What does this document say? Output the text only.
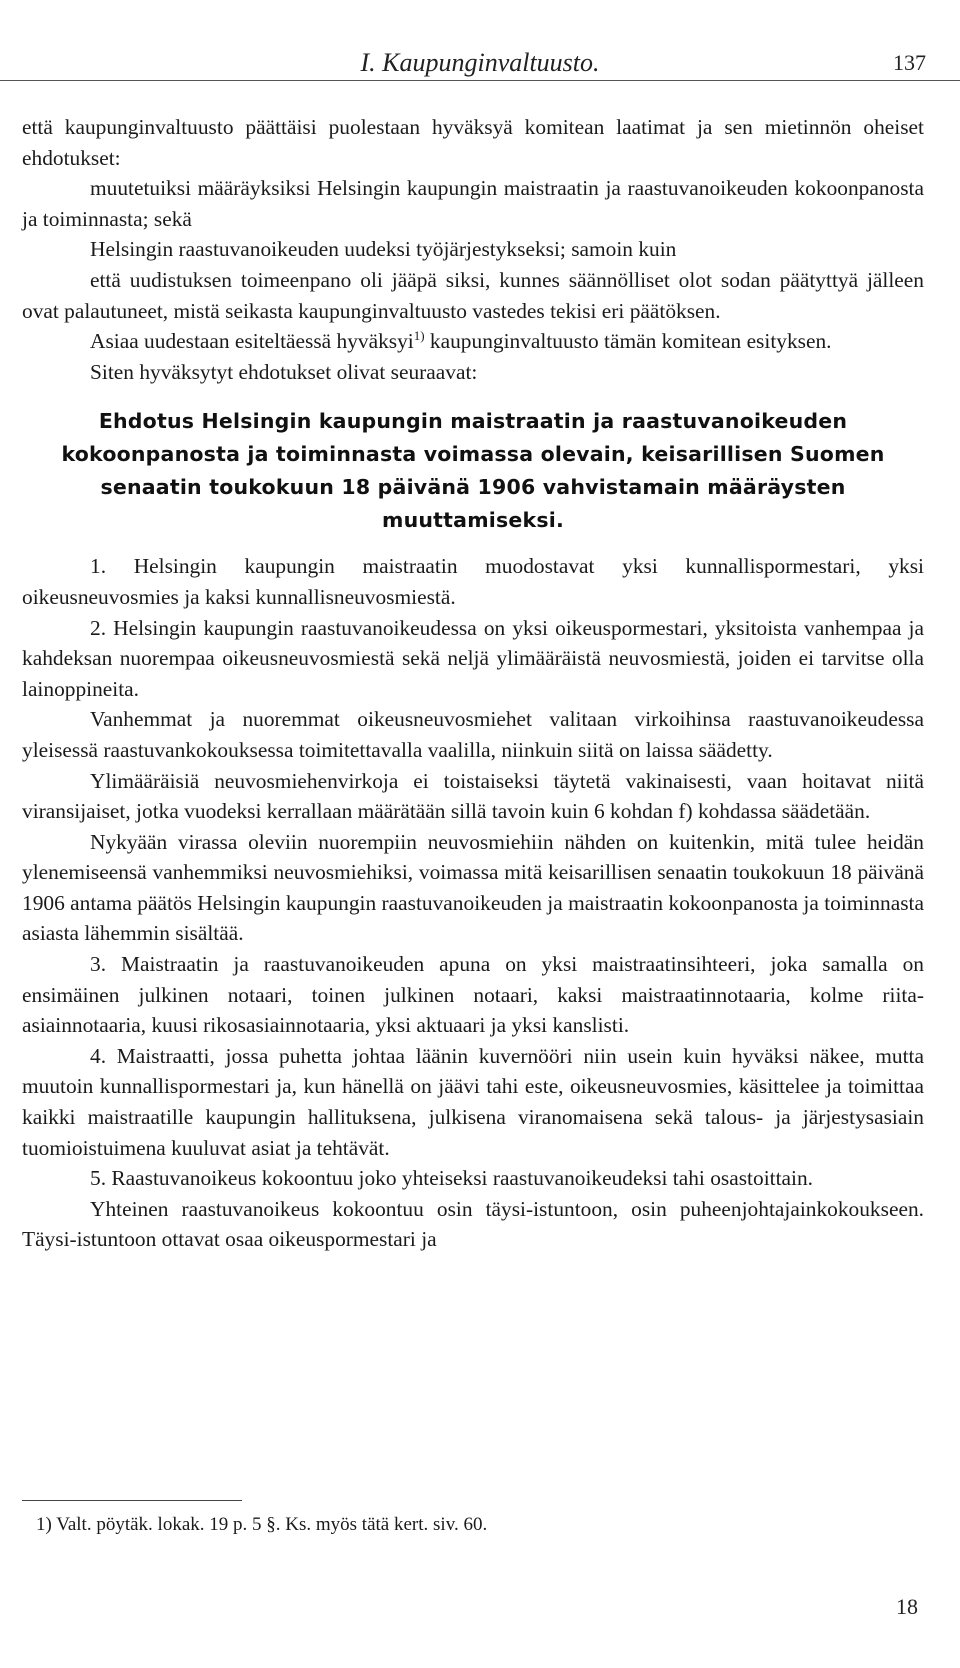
I. Kaupunginvaltuusto.	137

että kaupunginvaltuusto päättäisi puolestaan hyväksyä komitean laatimat ja sen mietinnön oheiset ehdotukset:

muutetuiksi määräyksiksi Helsingin kaupungin maistraatin ja raastuvanoikeuden kokoonpanosta ja toiminnasta; sekä

Helsingin raastuvanoikeuden uudeksi työjärjestykseksi; samoin kuin

että uudistuksen toimeenpano oli jääpä siksi, kunnes säännölliset olot sodan päätyttyä jälleen ovat palautuneet, mistä seikasta kaupunginvaltuusto vastedes tekisi eri päätöksen.

Asiaa uudestaan esiteltäessä hyväksyi$^{1)}$ kaupunginvaltuusto tämän komitean esityksen.

Siten hyväksytyt ehdotukset olivat seuraavat:

Ehdotus Helsingin kaupungin maistraatin ja raastuvanoikeuden kokoonpanosta ja toiminnasta voimassa olevain, keisarillisen Suomen senaatin toukokuun 18 päivänä 1906 vahvistamain määräysten muuttamiseksi.

1. Helsingin kaupungin maistraatin muodostavat yksi kunnallispormestari, yksi oikeusneuvosmies ja kaksi kunnallisneuvosmiestä.

2. Helsingin kaupungin raastuvanoikeudessa on yksi oikeuspormestari, yksitoista vanhempaa ja kahdeksan nuorempaa oikeusneuvosmiestä sekä neljä ylimääräistä neuvosmiestä, joiden ei tarvitse olla lainoppineita.

Vanhemmat ja nuoremmat oikeusneuvosmiehet valitaan virkoihinsa raastuvanoikeudessa yleisessä raastuvankokouksessa toimitettavalla vaalilla, niinkuin siitä on laissa säädetty.

Ylimääräisiä neuvosmiehenvirkoja ei toistaiseksi täytetä vakinaisesti, vaan hoitavat niitä viransijaiset, jotka vuodeksi kerrallaan määrätään sillä tavoin kuin 6 kohdan f) kohdassa säädetään.

Nykyään virassa oleviin nuorempiin neuvosmiehiin nähden on kuitenkin, mitä tulee heidän ylenemiseensä vanhemmiksi neuvosmiehiksi, voimassa mitä keisarillisen senaatin toukokuun 18 päivänä 1906 antama päätös Helsingin kaupungin raastuvanoikeuden ja maistraatin kokoonpanosta ja toiminnasta asiasta lähemmin sisältää.

3. Maistraatin ja raastuvanoikeuden apuna on yksi maistraatinsihteeri, joka samalla on ensimäinen julkinen notaari, toinen julkinen notaari, kaksi maistraatinnotaaria, kolme riita-asiainnotaaria, kuusi rikosasiainnotaaria, yksi aktuaari ja yksi kanslisti.

4. Maistraatti, jossa puhetta johtaa läänin kuvernööri niin usein kuin hyväksi näkee, mutta muutoin kunnallispormestari ja, kun hänellä on jäävi tahi este, oikeusneuvosmies, käsittelee ja toimittaa kaikki maistraatille kaupungin hallituksena, julkisena viranomaisena sekä talous- ja järjestysasiain tuomioistuimena kuuluvat asiat ja tehtävät.

5. Raastuvanoikeus kokoontuu joko yhteiseksi raastuvanoikeudeksi tahi osastoittain.

Yhteinen raastuvanoikeus kokoontuu osin täysi-istuntoon, osin puheenjohtajainkokoukseen. Täysi-istuntoon ottavat osaa oikeuspormestari ja

1) Valt. pöytäk. lokak. 19 p. 5 §. Ks. myös tätä kert. siv. 60.
18
